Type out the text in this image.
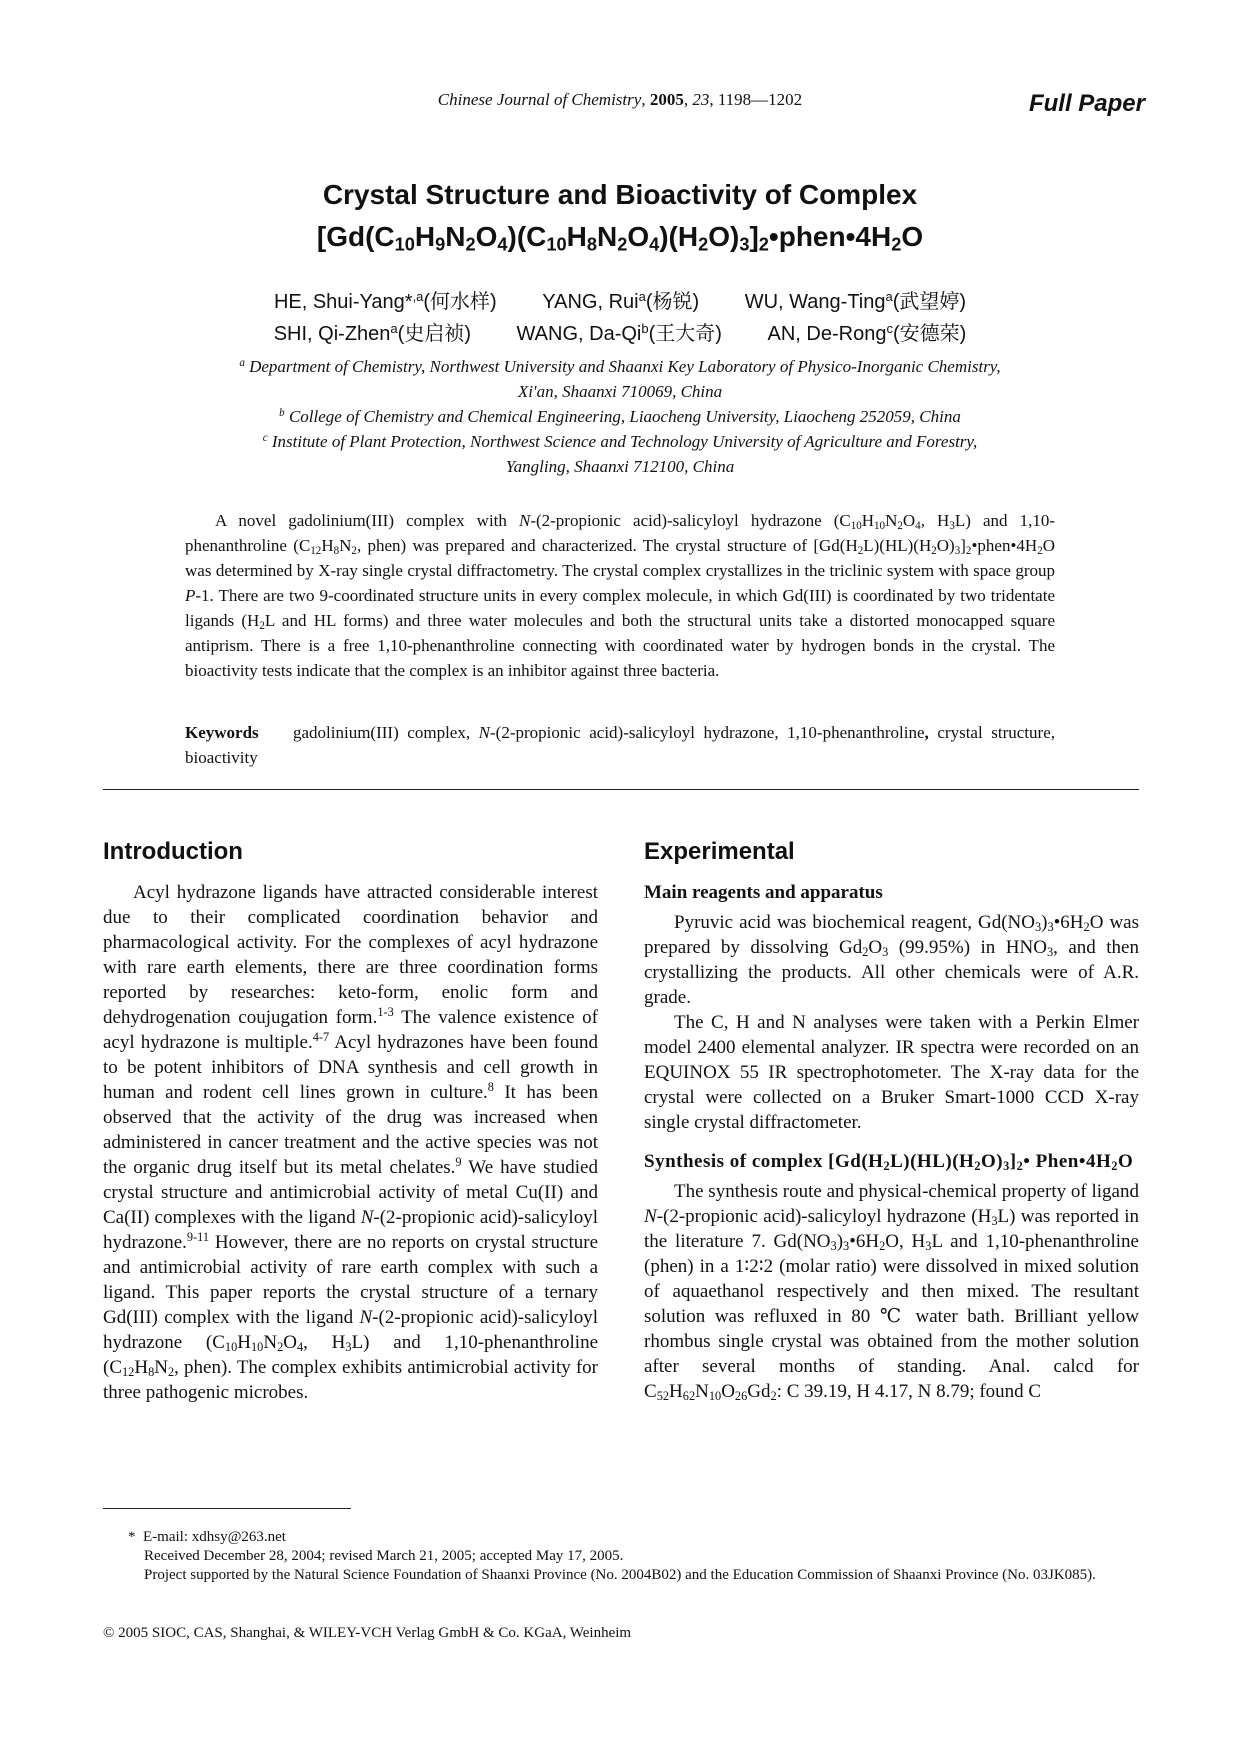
Chinese Journal of Chemistry, 2005, 23, 1198—1202	Full Paper
Crystal Structure and Bioactivity of Complex
$[Gd(C_{10}H_9N_2O_4)(C_{10}H_8N_2O_4)(H_2O)_3]_2•phen•4H_2O$
HE, Shui-Yang*$^{,a}$(何水样) YANG, Rui$^a$(杨锐) WU, Wang-Ting$^a$(武望婷)
SHI, Qi-Zhen$^a$(史启祯) WANG, Da-Qi$^b$(王大奇) AN, De-Rong$^c$(安德荣)
$^a$ Department of Chemistry, Northwest University and Shaanxi Key Laboratory of Physico-Inorganic Chemistry,
Xi'an, Shaanxi 710069, China
$^b$ College of Chemistry and Chemical Engineering, Liaocheng University, Liaocheng 252059, China
$^c$ Institute of Plant Protection, Northwest Science and Technology University of Agriculture and Forestry,
Yangling, Shaanxi 712100, China

A novel gadolinium(III) complex with N-(2-propionic acid)-salicyloyl hydrazone ($C_{10}H_{10}N_2O_4$, $H_3L$) and 1,10-phenanthroline ($C_{12}H_8N_2$, phen) was prepared and characterized. The crystal structure of $[Gd(H_2L)(HL)(H_2O)_3]_2•phen•4H_2O$ was determined by X-ray single crystal diffractometry. The crystal complex crystallizes in the triclinic system with space group P-1. There are two 9-coordinated structure units in every complex molecule, in which Gd(III) is coordinated by two tridentate ligands ($H_2L$ and HL forms) and three water molecules and both the structural units take a distorted monocapped square antiprism. There is a free 1,10-phenanthroline connecting with coordinated water by hydrogen bonds in the crystal. The bioactivity tests indicate that the complex is an inhibitor against three bacteria.

Keywords    gadolinium(III) complex, N-(2-propionic acid)-salicyloyl hydrazone, 1,10-phenanthroline, crystal structure, bioactivity

Introduction

Acyl hydrazone ligands have attracted considerable interest due to their complicated coordination behavior and pharmacological activity. For the complexes of acyl hydrazone with rare earth elements, there are three coordination forms reported by researches: keto-form, enolic form and dehydrogenation coujugation form.$^{1-3}$ The valence existence of acyl hydrazone is multiple.$^{4-7}$ Acyl hydrazones have been found to be potent inhibitors of DNA synthesis and cell growth in human and rodent cell lines grown in culture.$^8$ It has been observed that the activity of the drug was increased when administered in cancer treatment and the active species was not the organic drug itself but its metal chelates.$^9$ We have studied crystal structure and antimicrobial activity of metal Cu(II) and Ca(II) complexes with the ligand N-(2-propionic acid)-salicyloyl hydrazone.$^{9-11}$ However, there are no reports on crystal structure and antimicrobial activity of rare earth complex with such a ligand. This paper reports the crystal structure of a ternary Gd(III) complex with the ligand N-(2-propionic acid)-salicyloyl hydrazone ($C_{10}H_{10}N_2O_4$, $H_3L$) and 1,10-phenanthroline ($C_{12}H_8N_2$, phen). The complex exhibits antimicrobial activity for three pathogenic microbes.

Experimental
Main reagents and apparatus

Pyruvic acid was biochemical reagent, $Gd(NO_3)_3•6H_2O$ was prepared by dissolving $Gd_2O_3$ (99.95%) in $HNO_3$, and then crystallizing the products. All other chemicals were of A.R. grade.

The C, H and N analyses were taken with a Perkin Elmer model 2400 elemental analyzer. IR spectra were recorded on an EQUINOX 55 IR spectrophotometer. The X-ray data for the crystal were collected on a Bruker Smart-1000 CCD X-ray single crystal diffractometer.

Synthesis of complex $[Gd(H_2L)(HL)(H_2O)_3]_2•$ $Phen•4H_2O$

The synthesis route and physical-chemical property of ligand N-(2-propionic acid)-salicyloyl hydrazone $(H_3L)$ was reported in the literature 7. $Gd(NO_3)_3•6H_2O$, $H_3L$ and 1,10-phenanthroline (phen) in a 1∶2∶2 (molar ratio) were dissolved in mixed solution of aquaethanol respectively and then mixed. The resultant solution was refluxed in 80 ℃ water bath. Brilliant yellow rhombus single crystal was obtained from the mother solution after several months of standing. Anal. calcd for $C_{52}H_{62}N_{10}O_{26}Gd_2$: C 39.19, H 4.17, N 8.79; found C

*  E-mail: xdhsy@263.net
Received December 28, 2004; revised March 21, 2005; accepted May 17, 2005.
Project supported by the Natural Science Foundation of Shaanxi Province (No. 2004B02) and the Education Commission of Shaanxi Province (No. 03JK085).
© 2005 SIOC, CAS, Shanghai, & WILEY-VCH Verlag GmbH & Co. KGaA, Weinheim
